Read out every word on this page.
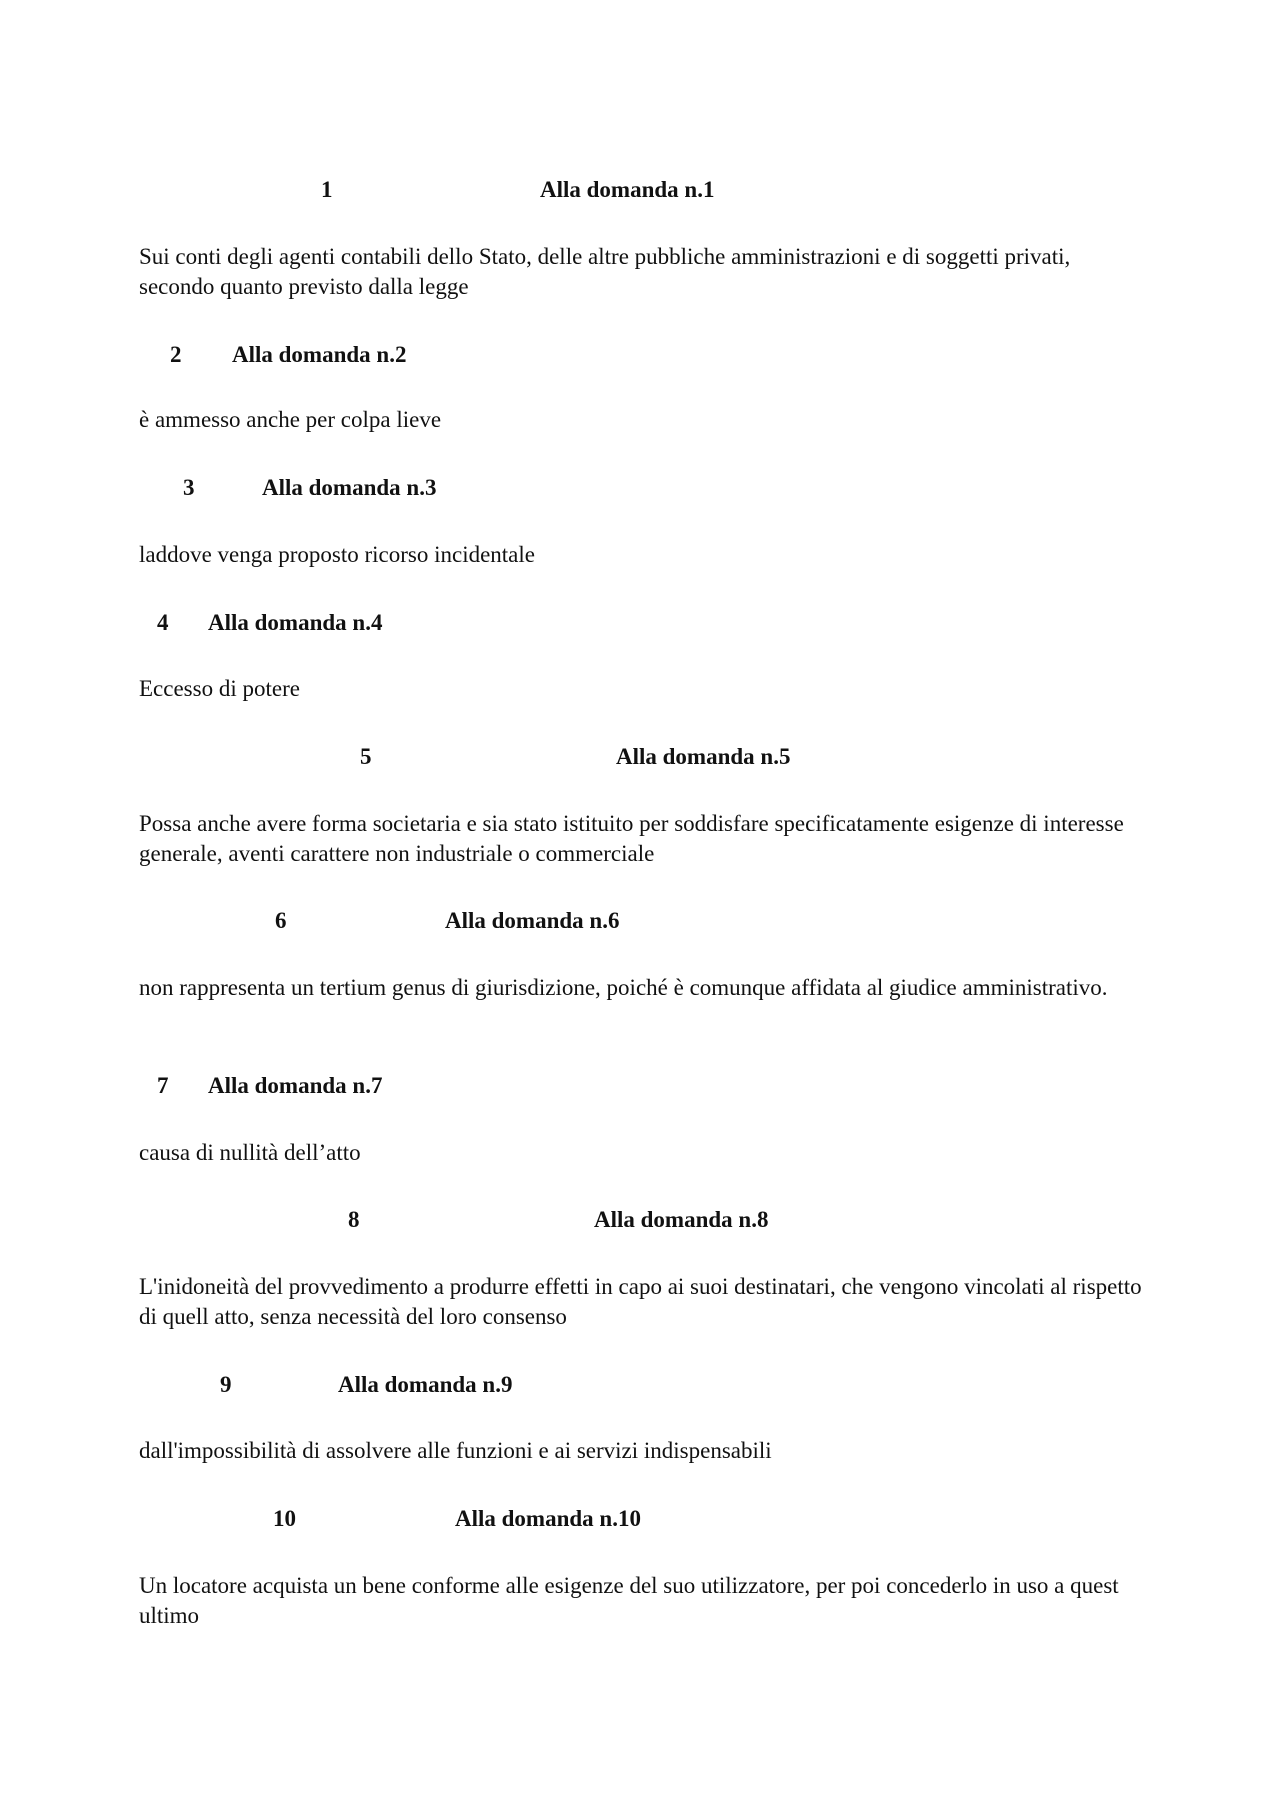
1	Alla domanda n.1

Sui conti degli agenti contabili dello Stato, delle altre pubbliche amministrazioni e di soggetti privati, secondo quanto previsto dalla legge

2 Alla domanda n.2

è ammesso anche per colpa lieve

3	Alla domanda n.3

laddove venga proposto ricorso incidentale

4 Alla domanda n.4

Eccesso di potere

5	Alla domanda n.5

Possa anche avere forma societaria e sia stato istituito per soddisfare specificatamente esigenze di interesse generale, aventi carattere non industriale o commerciale

6	Alla domanda n.6

non rappresenta un tertium genus di giurisdizione, poiché è comunque affidata al giudice amministrativo.

7 Alla domanda n.7

causa di nullità dell’atto

8	Alla domanda n.8

L'inidoneità del provvedimento a produrre effetti in capo ai suoi destinatari, che vengono vincolati al rispetto di quell atto, senza necessità del loro consenso

9	Alla domanda n.9

dall'impossibilità di assolvere alle funzioni e ai servizi indispensabili

10	Alla domanda n.10

Un locatore acquista un bene conforme alle esigenze del suo utilizzatore, per poi concederlo in uso a quest ultimo
